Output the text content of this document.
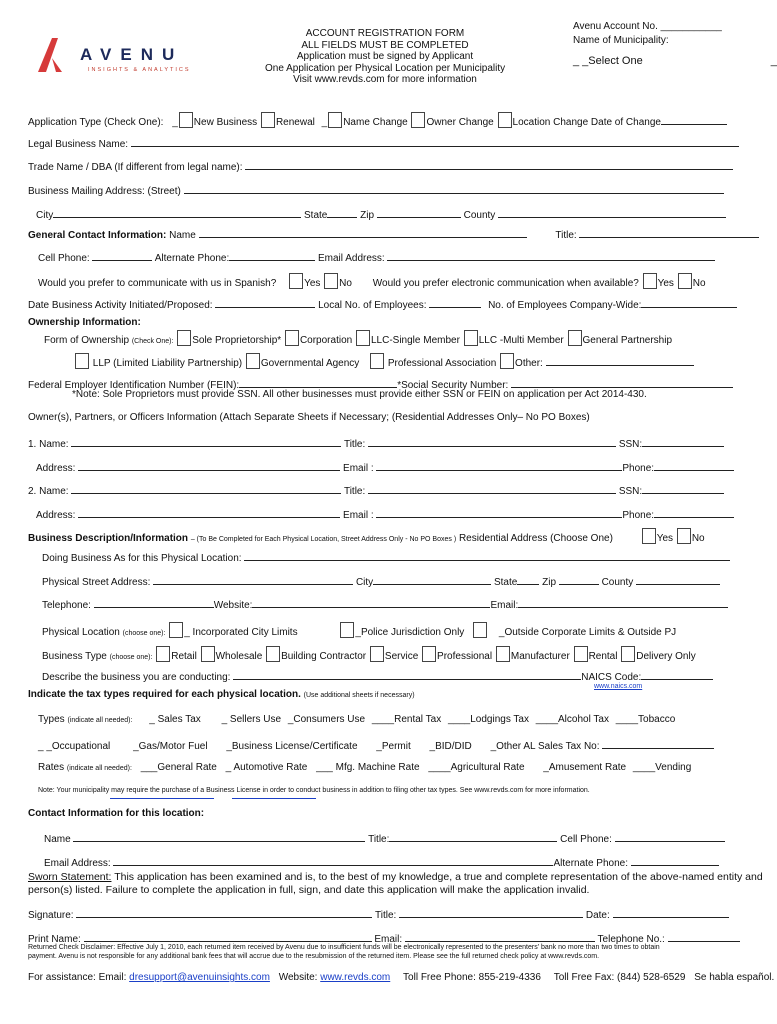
AVENU
INSIGHTS & ANALYTICS
ACCOUNT REGISTRATION FORM
ALL FIELDS MUST BE COMPLETED
Application must be signed by Applicant
One Application per Physical Location per Municipality
Visit www.revds.com for more information
Avenu Account No. ___________
Name of Municipality:
_ _Select One	_
Application Type (Check One): _ New Business Renewal _ Name Change Owner Change Location Change Date of Change
Legal Business Name:
Trade Name / DBA (If different from legal name):
Business Mailing Address: (Street)
City	State	Zip	County
General Contact Information: Name	Title:
Cell Phone:	Alternate Phone:	Email Address:
Would you prefer to communicate with us in Spanish?	Yes No Would you prefer electronic communication when available? Yes No
Date Business Activity Initiated/Proposed:	Local No. of Employees:	No. of Employees Company-Wide:
Ownership Information:
Form of Ownership (Check One): Sole Proprietorship* Corporation LLC-Single Member LLC -Multi Member General Partnership
LLP (Limited Liability Partnership) Governmental Agency	Professional Association Other:
Federal Employer Identification Number (FEIN):	*Social Security Number:
*Note: Sole Proprietors must provide SSN. All other businesses must provide either SSN or FEIN on application per Act 2014-430.
Owner(s), Partners, or Officers Information (Attach Separate Sheets if Necessary; (Residential Addresses Only– No PO Boxes)
1. Name:	Title:	SSN:
Address:	Email :	Phone:
2. Name:	Title:	SSN:
Address:	Email :	Phone:
Business Description/Information – (To Be Completed for Each Physical Location, Street Address Only - No PO Boxes ) Residential Address (Choose One)	Yes No
Doing Business As for this Physical Location:
Physical Street Address:	City	State Zip	County
Telephone:	Website:	Email:
Physical Location (choose one): _ Incorporated City Limits	_Police Jurisdiction Only	_Outside Corporate Limits & Outside PJ
Business Type (choose one): Retail Wholesale Building Contractor Service Professional Manufacturer Rental Delivery Only
Describe the business you are conducting:	NAICS Code:
www.naics.com
Indicate the tax types required for each physical location. (Use additional sheets if necessary)
Types (indicate all needed): _ Sales Tax _ Sellers Use _Consumers Use ____Rental Tax ____Lodgings Tax ____Alcohol Tax ____Tobacco
_ _Occupational _Gas/Motor Fuel _Business License/Certificate _Permit _BID/DID _Other AL Sales Tax No:
Rates (indicate all needed): ___General Rate _ Automotive Rate ___ Mfg. Machine Rate ____Agricultural Rate _Amusement Rate ____Vending
Note: Your municipality may require the purchase of a Business License in order to conduct business in addition to filing other tax types. See www.revds.com for more information.
Contact Information for this location:
Name	Title:	Cell Phone:
Email Address:	Alternate Phone:
Sworn Statement: This application has been examined and is, to the best of my knowledge, a true and complete representation of the above-named entity and
person(s) listed. Failure to complete the application in full, sign, and date this application will make the application invalid.
Signature:	Title:	Date:
Print Name:	Email:	Telephone No.:
Returned Check Disclaimer: Effective July 1, 2010, each returned item received by Avenu due to insufficient funds will be electronically represented to the presenters' bank no more than two times to obtain
payment. Avenu is not responsible for any additional bank fees that will accrue due to the resubmission of the returned item. Please see the full returned check policy at www.revds.com.
For assistance: Email: dresupport@avenuinsights.com Website: www.revds.com Toll Free Phone: 855-219-4336 Toll Free Fax: (844) 528-6529 Se habla español.
